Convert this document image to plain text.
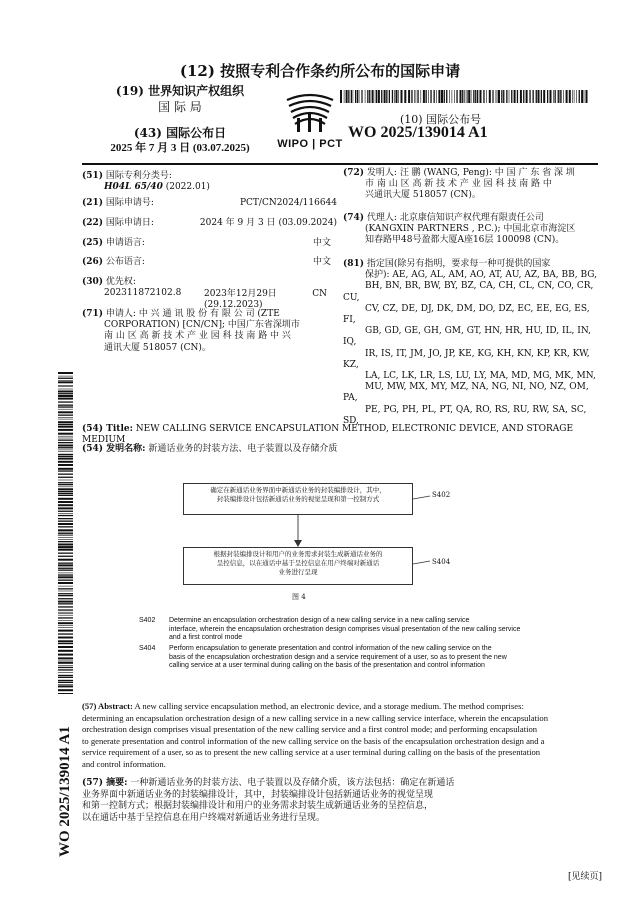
(12) 按照专利合作条约所公布的国际申请
(19) 世界知识产权组织
国 际 局
(43) 国际公布日
2025 年 7 月 3 日 (03.07.2025)	WIPO | PCT
(10) 国际公布号
WO 2025/139014 A1
(51) 国际专利分类号:
H04L 65/40 (2022.01)
(21) 国际申请号:	PCT/CN2024/116644
(22) 国际申请日:	2024 年 9 月 3 日 (03.09.2024)
(25) 申请语言:	中文
(26) 公布语言:	中文
(30) 优先权:
202311872102.8	2023年12月29日 (29.12.2023)
CN
(71) 申请人: 中 兴 通 讯 股 份 有 限 公 司 (ZTE
CORPORATION) [CN/CN]; 中国广东省深圳市
南 山 区 高 新 技 术 产 业 园 科 技 南 路 中 兴
通讯大厦 518057 (CN)。
(72) 发明人: 汪 鹏 (WANG, Peng): 中 国 广 东 省 深 圳
市 南 山 区 高 新 技 术 产 业 园 科 技 南 路 中
兴通讯大厦 518057 (CN)。
(74) 代理人: 北京康信知识产权代理有限责任公司
(KANGXIN PARTNERS , P.C.); 中国北京市海淀区
知春路甲48号盈都大厦A座16层 100098 (CN)。
(81) 指定国(除另有指明，要求每一种可提供的国家
保护): AE, AG, AL, AM, AO, AT, AU, AZ, BA, BB, BG,
BH, BN, BR, BW, BY, BZ, CA, CH, CL, CN, CO, CR, CU,
CV, CZ, DE, DJ, DK, DM, DO, DZ, EC, EE, EG, ES, FI,
GB, GD, GE, GH, GM, GT, HN, HR, HU, ID, IL, IN, IQ,
IR, IS, IT, JM, JO, JP, KE, KG, KH, KN, KP, KR, KW, KZ,
LA, LC, LK, LR, LS, LU, LY, MA, MD, MG, MK, MN,
MU, MW, MX, MY, MZ, NA, NG, NI, NO, NZ, OM, PA,
PE, PG, PH, PL, PT, QA, RO, RS, RU, RW, SA, SC, SD,
WO 2025/139014 A1
(54) Title: NEW CALLING SERVICE ENCAPSULATION METHOD, ELECTRONIC DEVICE, AND STORAGE MEDIUM
(54) 发明名称: 新通话业务的封装方法、电子装置以及存储介质
确定在新通话业务界面中新通话业务的封装编排设计，其中，
封装编排设计包括新通话业务的视觉呈现和第一控制方式	S402
根据封装编排设计和用户的业务需求封装生成新通话业务的
呈控信息，以在通话中基于呈控信息在用户终端对新通话
业务进行呈现
S404
图 4
S402	Determine an encapsulation orchestration design of a new calling service in a new calling service
interface, wherein the encapsulation orchestration design comprises visual presentation of the new calling service
and a first control mode
S404	Perform encapsulation to generate presentation and control information of the new calling service on the
basis of the encapsulation orchestration design and a service requirement of a user, so as to present the new
calling service at a user terminal during calling on the basis of the presentation and control information
(57) Abstract: A new calling service encapsulation method, an electronic device, and a storage medium. The method comprises:
determining an encapsulation orchestration design of a new calling service in a new calling service interface, wherein the encapsulation
orchestration design comprises visual presentation of the new calling service and a first control mode; and performing encapsulation
to generate presentation and control information of the new calling service on the basis of the encapsulation orchestration design and a
service requirement of a user, so as to present the new calling service at a user terminal during calling on the basis of the presentation
and control information.
(57) 摘要: 一种新通话业务的封装方法、电子装置以及存储介质，该方法包括：确定在新通话
业务界面中新通话业务的封装编排设计，其中，封装编排设计包括新通话业务的视觉呈现
和第一控制方式；根据封装编排设计和用户的业务需求封装生成新通话业务的呈控信息，
以在通话中基于呈控信息在用户终端对新通话业务进行呈现。
[见续页]
